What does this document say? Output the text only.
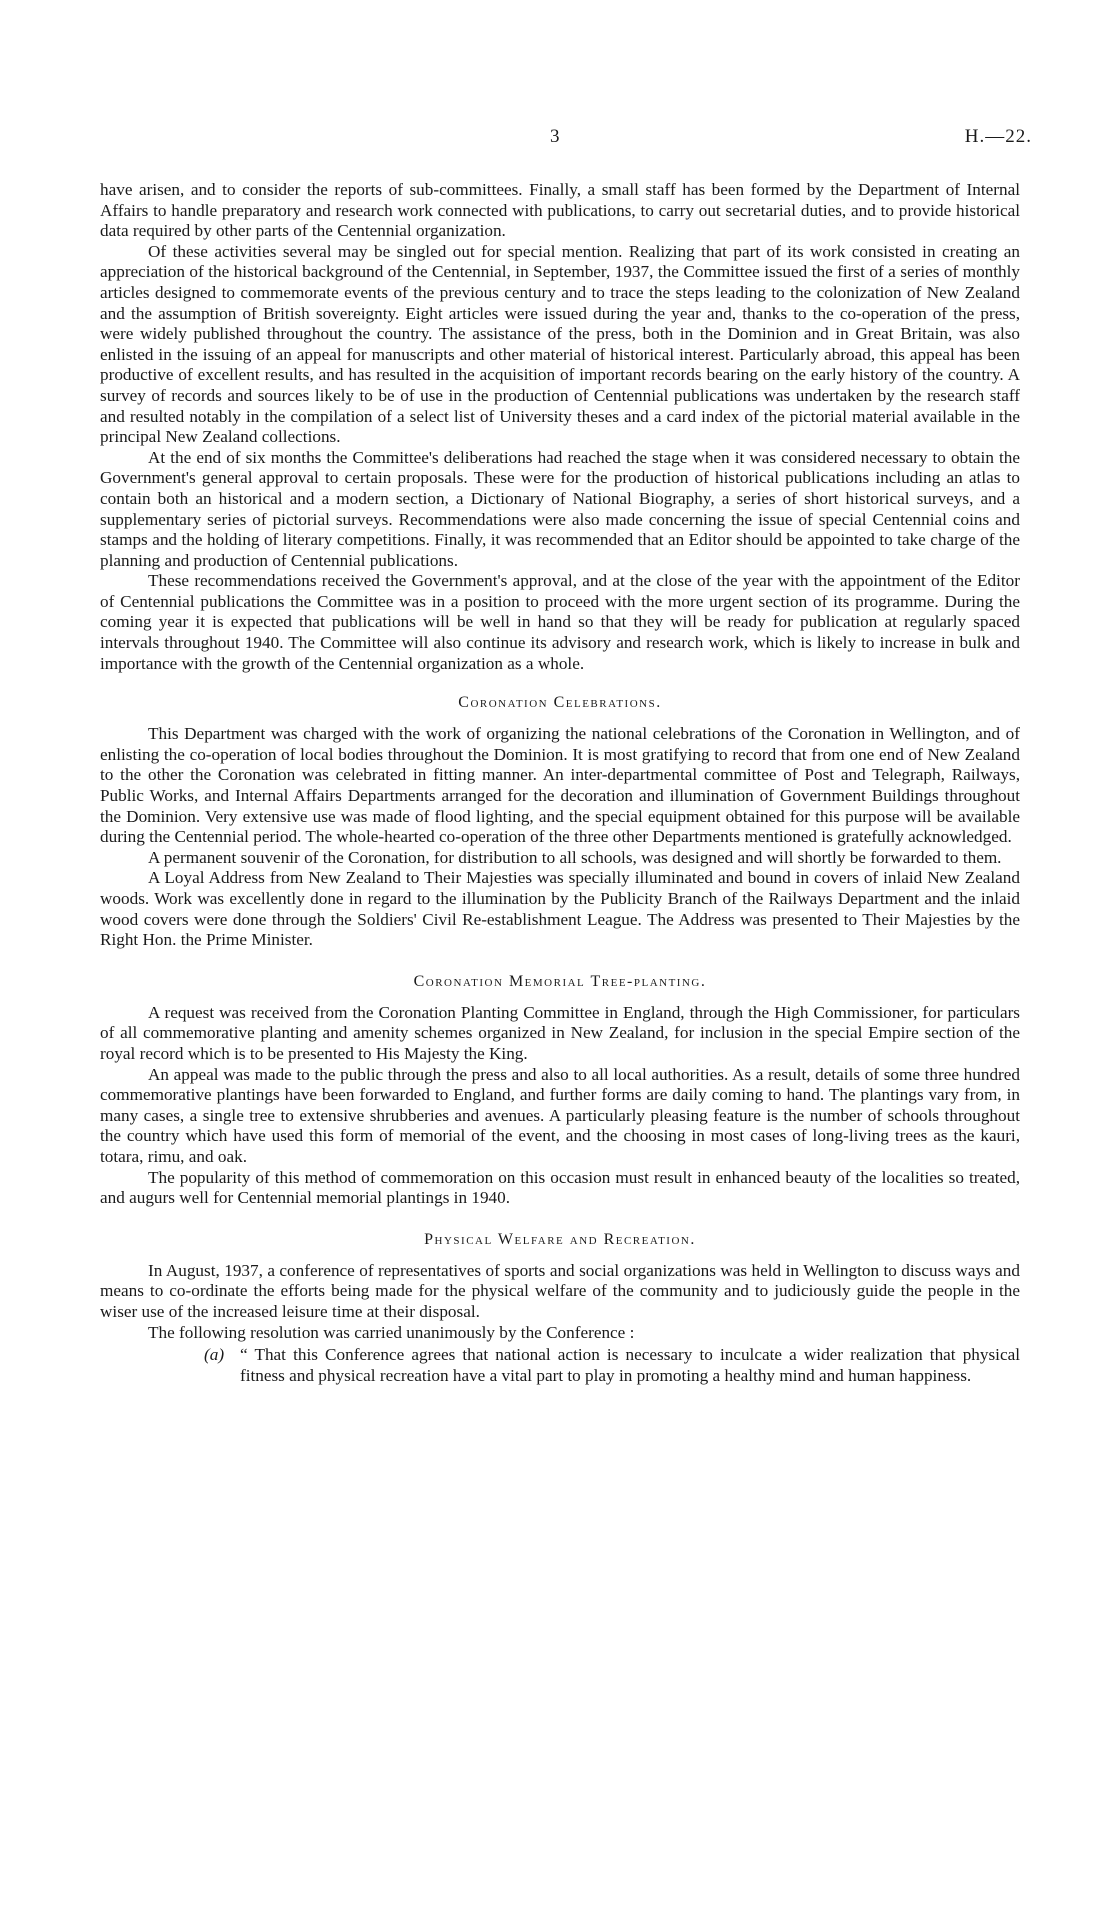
3	H.—22.

have arisen, and to consider the reports of sub-committees. Finally, a small staff has been formed by the Department of Internal Affairs to handle preparatory and research work connected with publications, to carry out secretarial duties, and to provide historical data required by other parts of the Centennial organization.

Of these activities several may be singled out for special mention. Realizing that part of its work consisted in creating an appreciation of the historical background of the Centennial, in September, 1937, the Committee issued the first of a series of monthly articles designed to commemorate events of the previous century and to trace the steps leading to the colonization of New Zealand and the assumption of British sovereignty. Eight articles were issued during the year and, thanks to the co-operation of the press, were widely published throughout the country. The assistance of the press, both in the Dominion and in Great Britain, was also enlisted in the issuing of an appeal for manuscripts and other material of historical interest. Particularly abroad, this appeal has been productive of excellent results, and has resulted in the acquisition of important records bearing on the early history of the country. A survey of records and sources likely to be of use in the production of Centennial publications was undertaken by the research staff and resulted notably in the compilation of a select list of University theses and a card index of the pictorial material available in the principal New Zealand collections.

At the end of six months the Committee's deliberations had reached the stage when it was considered necessary to obtain the Government's general approval to certain proposals. These were for the production of historical publications including an atlas to contain both an historical and a modern section, a Dictionary of National Biography, a series of short historical surveys, and a supplementary series of pictorial surveys. Recommendations were also made concerning the issue of special Centennial coins and stamps and the holding of literary competitions. Finally, it was recommended that an Editor should be appointed to take charge of the planning and production of Centennial publications.

These recommendations received the Government's approval, and at the close of the year with the appointment of the Editor of Centennial publications the Committee was in a position to proceed with the more urgent section of its programme. During the coming year it is expected that publications will be well in hand so that they will be ready for publication at regularly spaced intervals throughout 1940. The Committee will also continue its advisory and research work, which is likely to increase in bulk and importance with the growth of the Centennial organization as a whole.

Coronation Celebrations.

This Department was charged with the work of organizing the national celebrations of the Coronation in Wellington, and of enlisting the co-operation of local bodies throughout the Dominion. It is most gratifying to record that from one end of New Zealand to the other the Coronation was celebrated in fitting manner. An inter-departmental committee of Post and Telegraph, Railways, Public Works, and Internal Affairs Departments arranged for the decoration and illumination of Government Buildings throughout the Dominion. Very extensive use was made of flood lighting, and the special equipment obtained for this purpose will be available during the Centennial period. The whole-hearted co-operation of the three other Departments mentioned is gratefully acknowledged.

A permanent souvenir of the Coronation, for distribution to all schools, was designed and will shortly be forwarded to them.

A Loyal Address from New Zealand to Their Majesties was specially illuminated and bound in covers of inlaid New Zealand woods. Work was excellently done in regard to the illumination by the Publicity Branch of the Railways Department and the inlaid wood covers were done through the Soldiers' Civil Re-establishment League. The Address was presented to Their Majesties by the Right Hon. the Prime Minister.

Coronation Memorial Tree-planting.

A request was received from the Coronation Planting Committee in England, through the High Commissioner, for particulars of all commemorative planting and amenity schemes organized in New Zealand, for inclusion in the special Empire section of the royal record which is to be presented to His Majesty the King.

An appeal was made to the public through the press and also to all local authorities. As a result, details of some three hundred commemorative plantings have been forwarded to England, and further forms are daily coming to hand. The plantings vary from, in many cases, a single tree to extensive shrubberies and avenues. A particularly pleasing feature is the number of schools throughout the country which have used this form of memorial of the event, and the choosing in most cases of long-living trees as the kauri, totara, rimu, and oak.

The popularity of this method of commemoration on this occasion must result in enhanced beauty of the localities so treated, and augurs well for Centennial memorial plantings in 1940.

Physical Welfare and Recreation.

In August, 1937, a conference of representatives of sports and social organizations was held in Wellington to discuss ways and means to co-ordinate the efforts being made for the physical welfare of the community and to judiciously guide the people in the wiser use of the increased leisure time at their disposal.

The following resolution was carried unanimously by the Conference :

(a) “ That this Conference agrees that national action is necessary to inculcate a wider realization that physical fitness and physical recreation have a vital part to play in promoting a healthy mind and human happiness.
